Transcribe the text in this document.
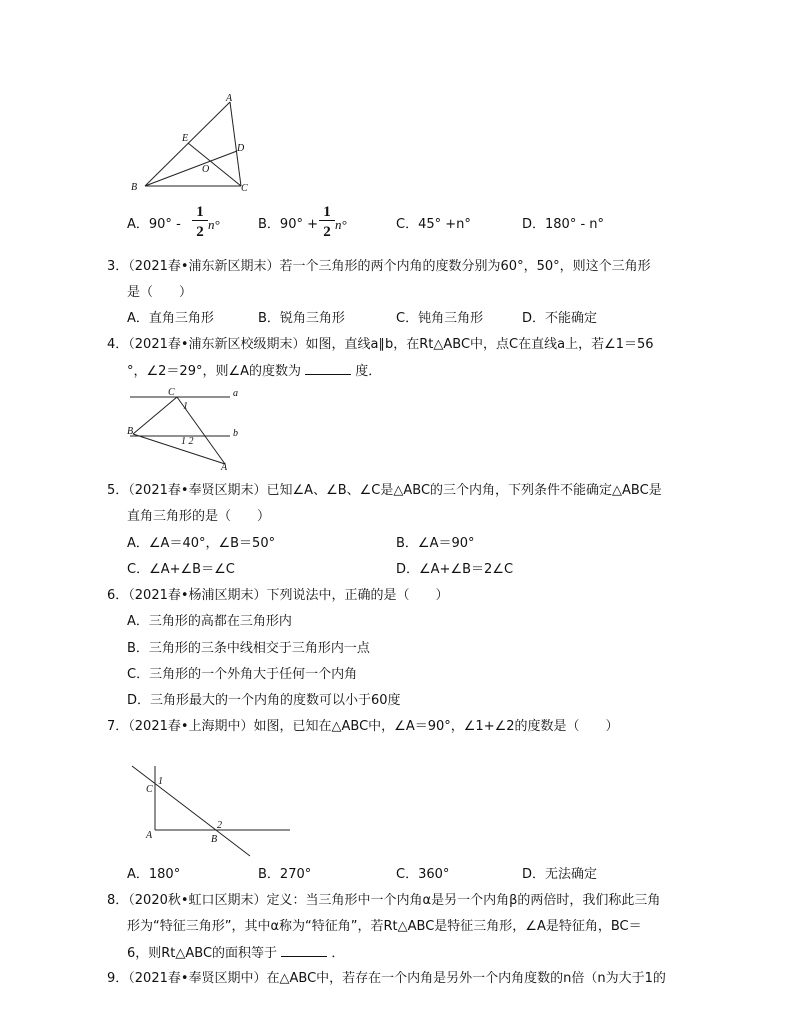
A
E
D
O
B	C
A．$90^\circ - \frac{1}{2} n^\circ$	B．$90^\circ + \frac{1}{2} n^\circ$	C．45° +n°	D．180° - n°
3．（2021春•浦东新区期末）若一个三角形的两个内角的度数分别为60°，50°，则这个三角形
是（　　）
A．直角三角形	B．锐角三角形	C．钝角三角形	D．不能确定
4．（2021春•浦东新区校级期末）如图，直线a∥b，在Rt△ABC中，点C在直线a上，若∠1＝56
°，∠2＝29°，则∠A的度数为	度．
C
1
a
B
1 2
b
A
5．（2021春•奉贤区期末）已知∠A、∠B、∠C是△ABC的三个内角，下列条件不能确定△ABC是
直角三角形的是（　　）
A．∠A＝40°，∠B＝50°	B．∠A＝90°
C．∠A+∠B＝∠C	D．∠A+∠B＝2∠C
6．（2021春•杨浦区期末）下列说法中，正确的是（　　）
A．三角形的高都在三角形内
B．三角形的三条中线相交于三角形内一点
C．三角形的一个外角大于任何一个内角
D．三角形最大的一个内角的度数可以小于60度
7．（2021春•上海期中）如图，已知在△ABC中，∠A＝90°，∠1+∠2的度数是（　　）
1
C
A
2
B
A．180°	B．270°	C．360°	D．无法确定
8．（2020秋•虹口区期末）定义：当三角形中一个内角α是另一个内角β的两倍时，我们称此三角
形为“特征三角形”，其中α称为“特征角”，若Rt△ABC是特征三角形，∠A是特征角，BC＝
6，则Rt△ABC的面积等于	．
9．（2021春•奉贤区期中）在△ABC中，若存在一个内角是另外一个内角度数的n倍（n为大于1的
